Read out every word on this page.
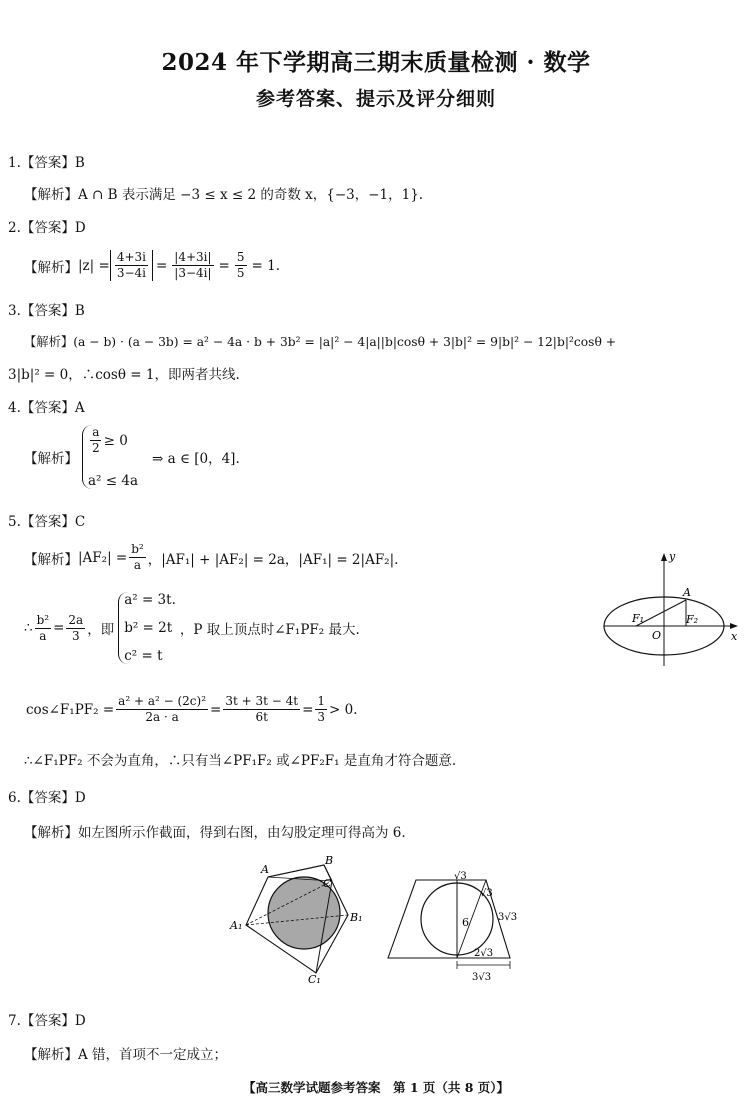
2024 年下学期高三期末质量检测 · 数学
参考答案、提示及评分细则
1.【答案】B
【解析】A ∩ B 表示满足 −3 ≤ x ≤ 2 的奇数 x，{−3，−1，1}.
2.【答案】D
【解析】 $|z| = \frac{4+3i}{3-4i} = \frac{|4+3i|}{|3-4i|} = \frac{5}{5} = 1$.
3.【答案】B
【解析】(a − b) · (a − 3b) = a² − 4a · b + 3b² = |a|² − 4|a||b|cosθ + 3|b|² = 9|b|² − 12|b|²cosθ +
3|b|² = 0，∴cosθ = 1，即两者共线.
4.【答案】A
【解析】
$\frac{a}{2} \ge 0$
a² ≤ 4a
⇒ a ∈ [0，4].
5.【答案】C
【解析】 $|AF_2| = \frac{\text{b²}}{a}$ ，|AF₁| + |AF₂| = 2a，|AF₁| = 2|AF₂|.
∴ $\frac{\text{b²}}{a} = \frac{2a}{3}$ ，即
a² = 3t.
b² = 2t
c² = t
，P 取上顶点时∠F₁PF₂ 最大.
cos∠F₁PF₂ = $\frac{\text{a² + a² − (2c)²}}{2a \cdot a} = \frac{3t + 3t - 4t}{6t} = \frac{1}{3} > 0$.
∴∠F₁PF₂ 不会为直角，∴只有当∠PF₁F₂ 或∠PF₂F₁ 是直角才符合题意.
y
x
A
F₁
O
F₂
6.【答案】D
【解析】如左图所示作截面，得到右图，由勾股定理可得高为 6.
A
B
C
A₁
B₁
C₁
√3
√3
6	3√3
2√3
3√3
7.【答案】D
【解析】A 错，首项不一定成立；
【高三数学试题参考答案　第 1 页（共 8 页）】
